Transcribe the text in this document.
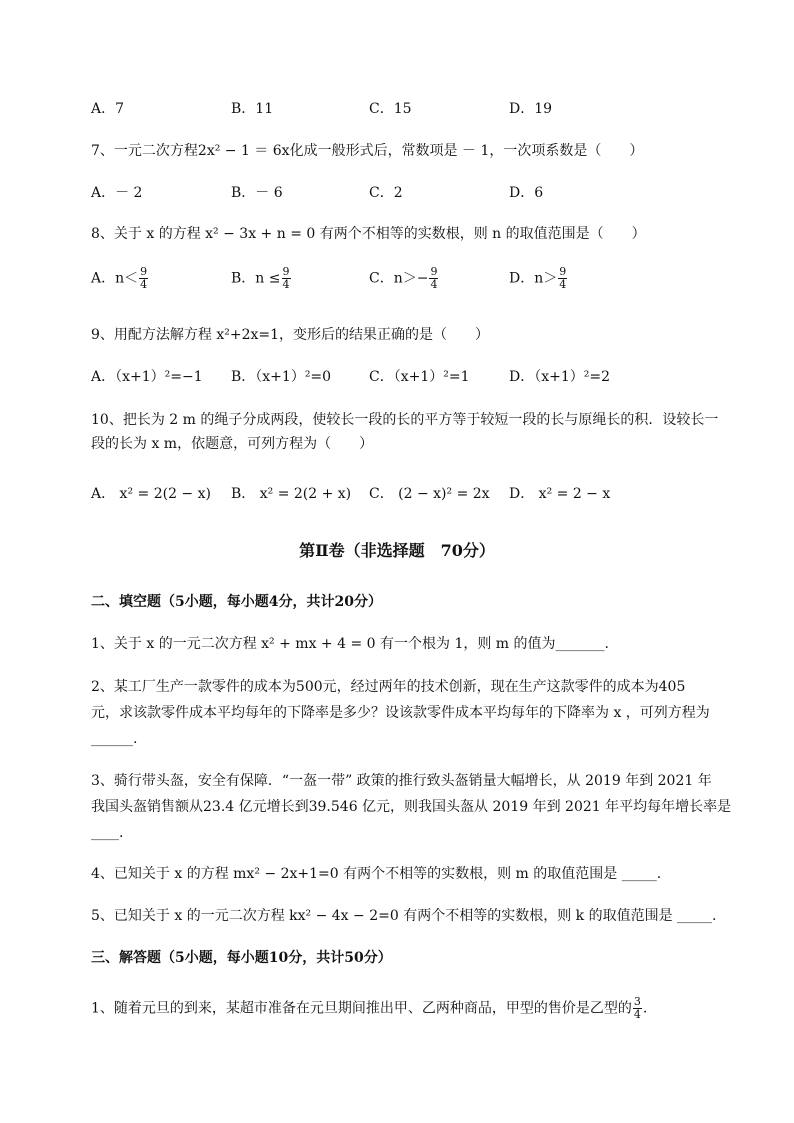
A．7	B．11	C．15	D．19
7、一元二次方程2x² − 1 ＝ 6x化成一般形式后，常数项是 － 1，一次项系数是（　　）
A．－ 2	B．－ 6	C．2	D．6
8、关于 x 的方程 x² − 3x + n = 0 有两个不相等的实数根，则 n 的取值范围是（　　）
A．$n< \frac{9}{4}$	B．$n \le \frac{9}{4}$	C．$n>- \frac{9}{4}$	D．$n> \frac{9}{4}$
9、用配方法解方程 x²+2x=1，变形后的结果正确的是（　　）
A．（x+1）²=−1 B．（x+1）²=0	C．（x+1）²=1	D．（x+1）²=2
10、把长为 2 m 的绳子分成两段，使较长一段的长的平方等于较短一段的长与原绳长的积．设较长一
段的长为 x m，依题意，可列方程为（　　）
A． x² = 2(2 − x) B． x² = 2(2 + x) C． (2 − x)² = 2x D． x² = 2 − x
第Ⅱ卷（非选择题　70分）
二、填空题（5小题，每小题4分，共计20分）
1、关于 x 的一元二次方程 x² + mx + 4 = 0 有一个根为 1，则 m 的值为_______.
2、某工厂生产一款零件的成本为500元，经过两年的技术创新，现在生产这款零件的成本为405
元，求该款零件成本平均每年的下降率是多少？设该款零件成本平均每年的下降率为 x ，可列方程为
______.
3、骑行带头盔，安全有保障．“一盔一带” 政策的推行致头盔销量大幅增长，从 2019 年到 2021 年
我国头盔销售额从23.4 亿元增长到39.546 亿元，则我国头盔从 2019 年到 2021 年平均每年增长率是
____.
4、已知关于 x 的方程 mx² − 2x+1=0 有两个不相等的实数根，则 m 的取值范围是 _____.
5、已知关于 x 的一元二次方程 kx² − 4x − 2=0 有两个不相等的实数根，则 k 的取值范围是 _____.
三、解答题（5小题，每小题10分，共计50分）
1、随着元旦的到来，某超市准备在元旦期间推出甲、乙两种商品，甲型的售价是乙型的 $\frac{3}{4}$ .
